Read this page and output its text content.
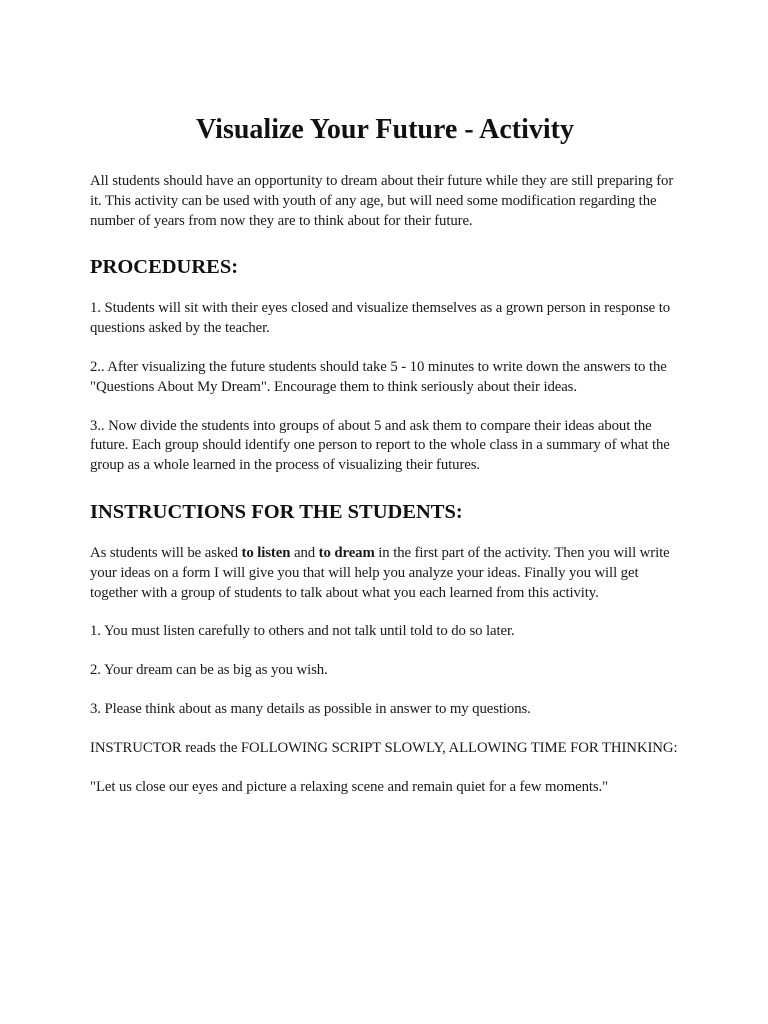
Visualize Your Future - Activity

All students should have an opportunity to dream about their future while they are still preparing for it. This activity can be used with youth of any age, but will need some modification regarding the number of years from now they are to think about for their future.

PROCEDURES:

1. Students will sit with their eyes closed and visualize themselves as a grown person in response to questions asked by the teacher.

2.. After visualizing the future students should take 5 - 10 minutes to write down the answers to the "Questions About My Dream". Encourage them to think seriously about their ideas.

3.. Now divide the students into groups of about 5 and ask them to compare their ideas about the future. Each group should identify one person to report to the whole class in a summary of what the group as a whole learned in the process of visualizing their futures.

INSTRUCTIONS FOR THE STUDENTS:

As students will be asked to listen and to dream in the first part of the activity. Then you will write your ideas on a form I will give you that will help you analyze your ideas. Finally you will get together with a group of students to talk about what you each learned from this activity.

1. You must listen carefully to others and not talk until told to do so later.

2. Your dream can be as big as you wish.

3. Please think about as many details as possible in answer to my questions.

INSTRUCTOR reads the FOLLOWING SCRIPT SLOWLY, ALLOWING TIME FOR THINKING:

"Let us close our eyes and picture a relaxing scene and remain quiet for a few moments."
